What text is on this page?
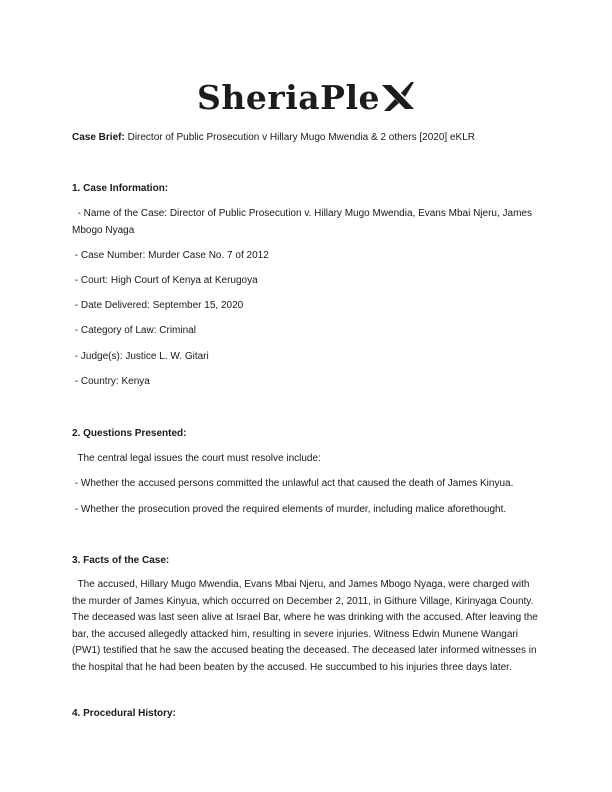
SheriaPle
Case Brief: Director of Public Prosecution v Hillary Mugo Mwendia & 2 others [2020] eKLR
1. Case Information:
- Name of the Case: Director of Public Prosecution v. Hillary Mugo Mwendia, Evans Mbai Njeru, James Mbogo Nyaga
- Case Number: Murder Case No. 7 of 2012
- Court: High Court of Kenya at Kerugoya
- Date Delivered: September 15, 2020
- Category of Law: Criminal
- Judge(s): Justice L. W. Gitari
- Country: Kenya
2. Questions Presented:
The central legal issues the court must resolve include:
- Whether the accused persons committed the unlawful act that caused the death of James Kinyua.
- Whether the prosecution proved the required elements of murder, including malice aforethought.
3. Facts of the Case:
The accused, Hillary Mugo Mwendia, Evans Mbai Njeru, and James Mbogo Nyaga, were charged with the murder of James Kinyua, which occurred on December 2, 2011, in Githure Village, Kirinyaga County. The deceased was last seen alive at Israel Bar, where he was drinking with the accused. After leaving the bar, the accused allegedly attacked him, resulting in severe injuries. Witness Edwin Munene Wangari (PW1) testified that he saw the accused beating the deceased. The deceased later informed witnesses in the hospital that he had been beaten by the accused. He succumbed to his injuries three days later.
4. Procedural History:
